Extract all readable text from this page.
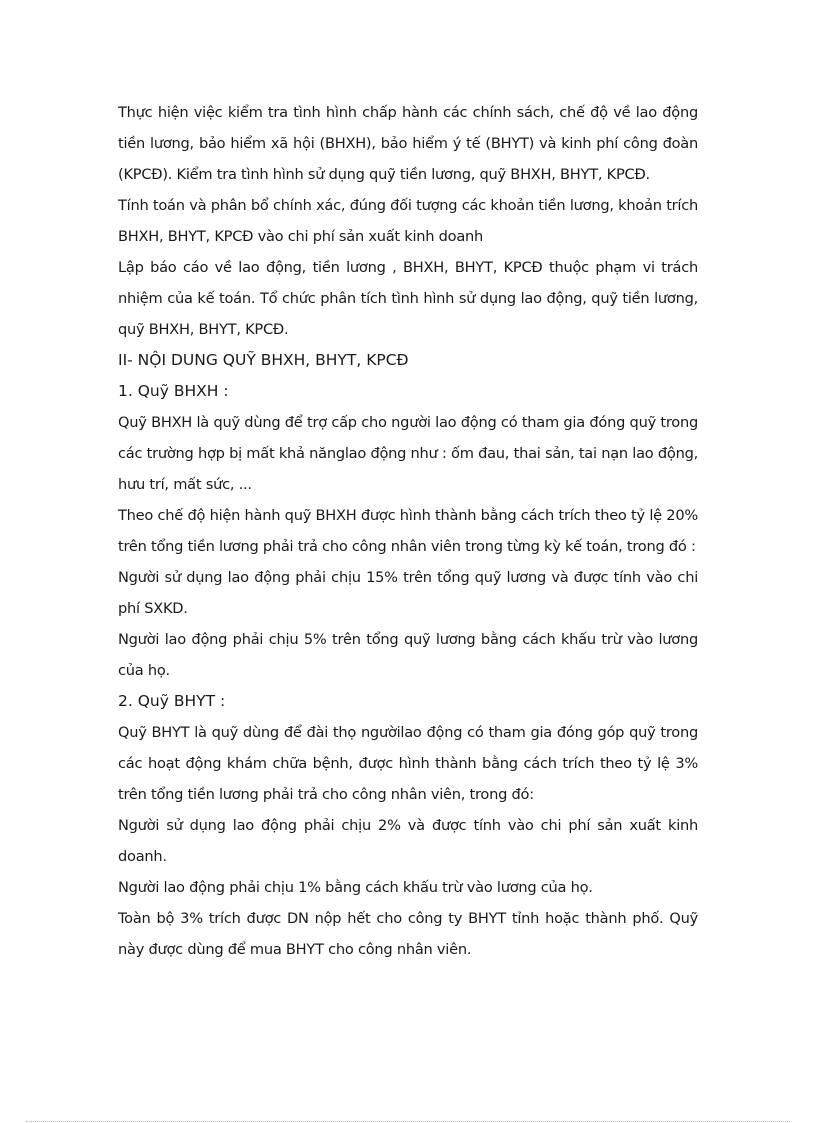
Thực hiện việc kiểm tra tình hình chấp hành các chính sách, chế độ về lao động tiền lương, bảo hiểm xã hội (BHXH), bảo hiểm ý tế (BHYT) và kinh phí công đoàn (KPCĐ). Kiểm tra tình hình sử dụng quỹ tiền lương, quỹ BHXH, BHYT, KPCĐ.

Tính toán và phân bổ chính xác, đúng đối tượng các khoản tiền lương, khoản trích BHXH, BHYT, KPCĐ vào chi phí sản xuất kinh doanh

Lập báo cáo về lao động, tiền lương , BHXH, BHYT, KPCĐ thuộc phạm vi trách nhiệm của kế toán. Tổ chức phân tích tình hình sử dụng lao động, quỹ tiền lương, quỹ BHXH, BHYT, KPCĐ.

II- NỘI DUNG QUỸ BHXH, BHYT, KPCĐ
1. Quỹ BHXH :

Quỹ BHXH là quỹ dùng để trợ cấp cho người lao động có tham gia đóng quỹ trong các trường hợp bị mất khả nănglao động như : ốm đau, thai sản, tai nạn lao động, hưu trí, mất sức, ...

Theo chế độ hiện hành quỹ BHXH được hình thành bằng cách trích theo tỷ lệ 20% trên tổng tiền lương phải trả cho công nhân viên trong từng kỳ kế toán, trong đó :

Người sử dụng lao động phải chịu 15% trên tổng quỹ lương và được tính vào chi phí SXKD.

Người lao động phải chịu 5% trên tổng quỹ lương bằng cách khấu trừ vào lương của họ.

2. Quỹ BHYT :

Quỹ BHYT là quỹ dùng để đài thọ ngườilao động có tham gia đóng góp quỹ trong các hoạt động khám chữa bệnh, được hình thành bằng cách trích theo tỷ lệ 3% trên tổng tiền lương phải trả cho công nhân viên, trong đó:

Người sử dụng lao động phải chịu 2% và được tính vào chi phí sản xuất kinh doanh.

Người lao động phải chịu 1% bằng cách khấu trừ vào lương của họ.

Toàn bộ 3% trích được DN nộp hết cho công ty BHYT tỉnh hoặc thành phố. Quỹ này được dùng để mua BHYT cho công nhân viên.
